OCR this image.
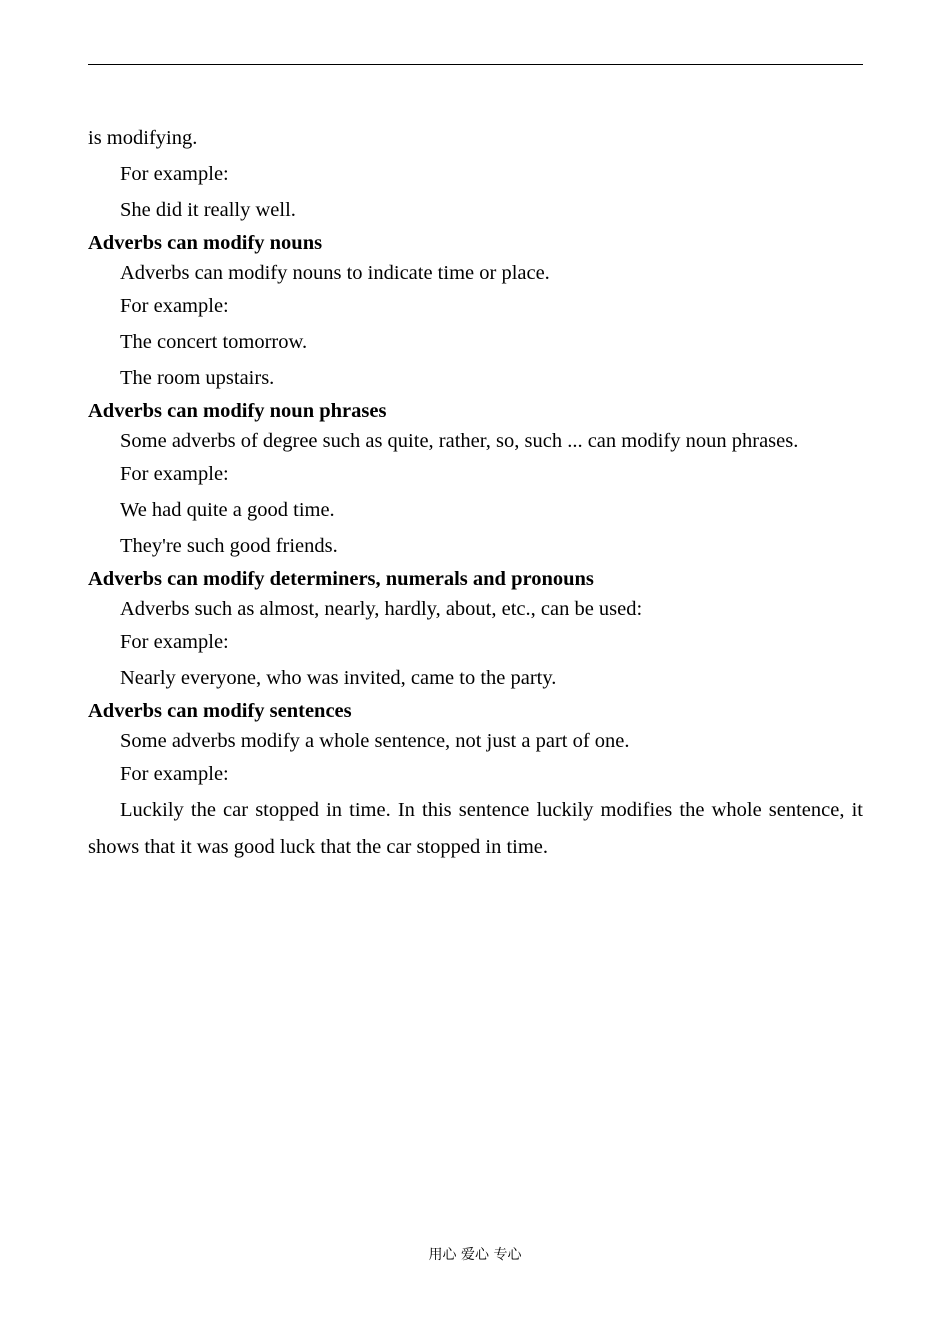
is modifying.
For example:
She did it really well.
Adverbs can modify nouns
Adverbs can modify nouns to indicate time or place.
For example:
The concert tomorrow.
The room upstairs.
Adverbs can modify noun phrases
Some adverbs of degree such as quite, rather, so, such ... can modify noun phrases.
For example:
We had quite a good time.
They're such good friends.
Adverbs can modify determiners, numerals and pronouns
Adverbs such as almost, nearly, hardly, about, etc., can be used:
For example:
Nearly everyone, who was invited, came to the party.
Adverbs can modify sentences
Some adverbs modify a whole sentence, not just a part of one.
For example:
Luckily the car stopped in time. In this sentence luckily modifies the whole sentence, it shows that it was good luck that the car stopped in time.
用心 爱心 专心
